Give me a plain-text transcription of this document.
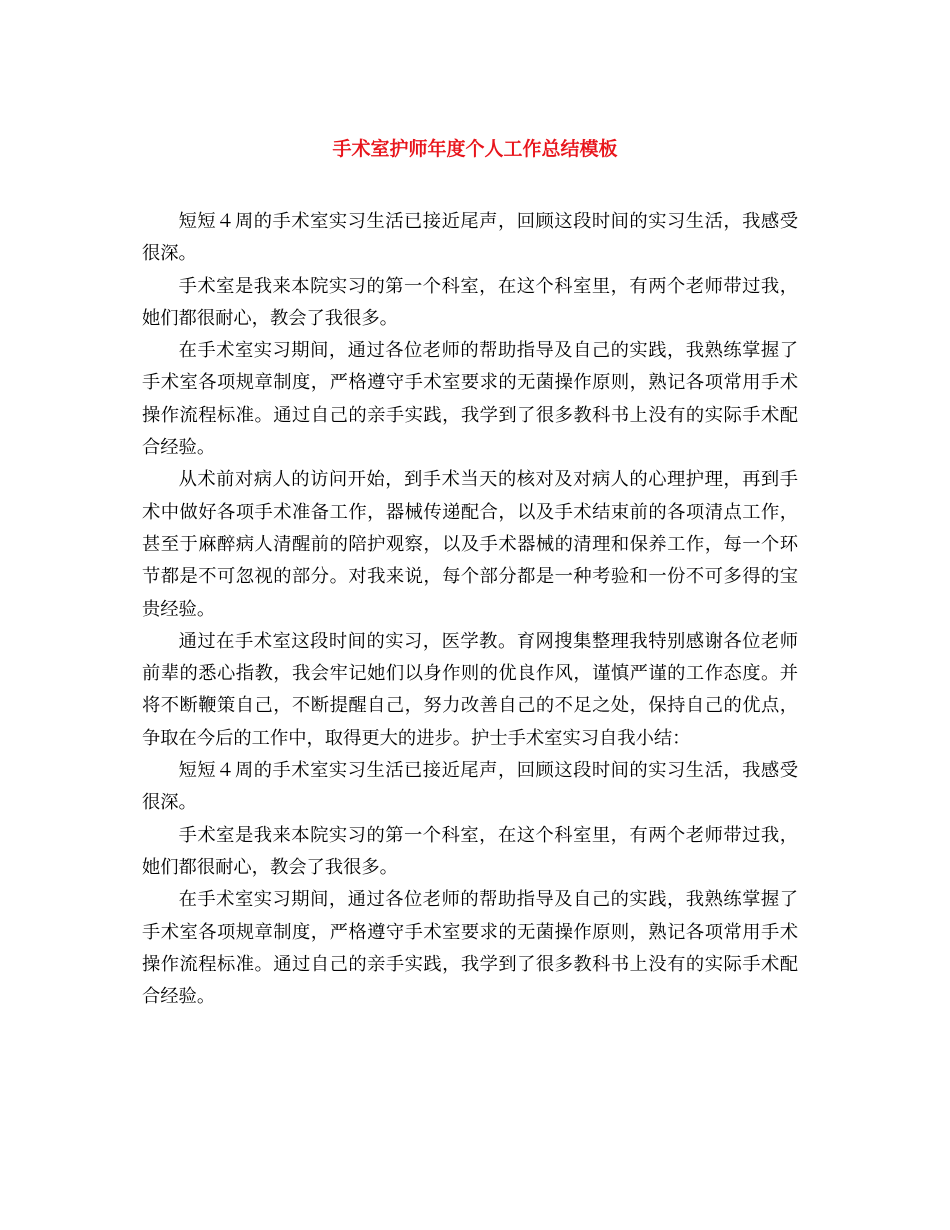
手术室护师年度个人工作总结模板

短短４周的手术室实习生活已接近尾声，回顾这段时间的实习生活，我感受很深。

手术室是我来本院实习的第一个科室，在这个科室里，有两个老师带过我，她们都很耐心，教会了我很多。

在手术室实习期间，通过各位老师的帮助指导及自己的实践，我熟练掌握了手术室各项规章制度，严格遵守手术室要求的无菌操作原则，熟记各项常用手术操作流程标准。通过自己的亲手实践，我学到了很多教科书上没有的实际手术配合经验。

从术前对病人的访问开始，到手术当天的核对及对病人的心理护理，再到手术中做好各项手术准备工作，器械传递配合，以及手术结束前的各项清点工作，甚至于麻醉病人清醒前的陪护观察，以及手术器械的清理和保养工作，每一个环节都是不可忽视的部分。对我来说，每个部分都是一种考验和一份不可多得的宝贵经验。

通过在手术室这段时间的实习，医学教。育网搜集整理我特别感谢各位老师前辈的悉心指教，我会牢记她们以身作则的优良作风，谨慎严谨的工作态度。并将不断鞭策自己，不断提醒自己，努力改善自己的不足之处，保持自己的优点，争取在今后的工作中，取得更大的进步。护士手术室实习自我小结：

短短４周的手术室实习生活已接近尾声，回顾这段时间的实习生活，我感受很深。

手术室是我来本院实习的第一个科室，在这个科室里，有两个老师带过我，她们都很耐心，教会了我很多。

在手术室实习期间，通过各位老师的帮助指导及自己的实践，我熟练掌握了手术室各项规章制度，严格遵守手术室要求的无菌操作原则，熟记各项常用手术操作流程标准。通过自己的亲手实践，我学到了很多教科书上没有的实际手术配合经验。
